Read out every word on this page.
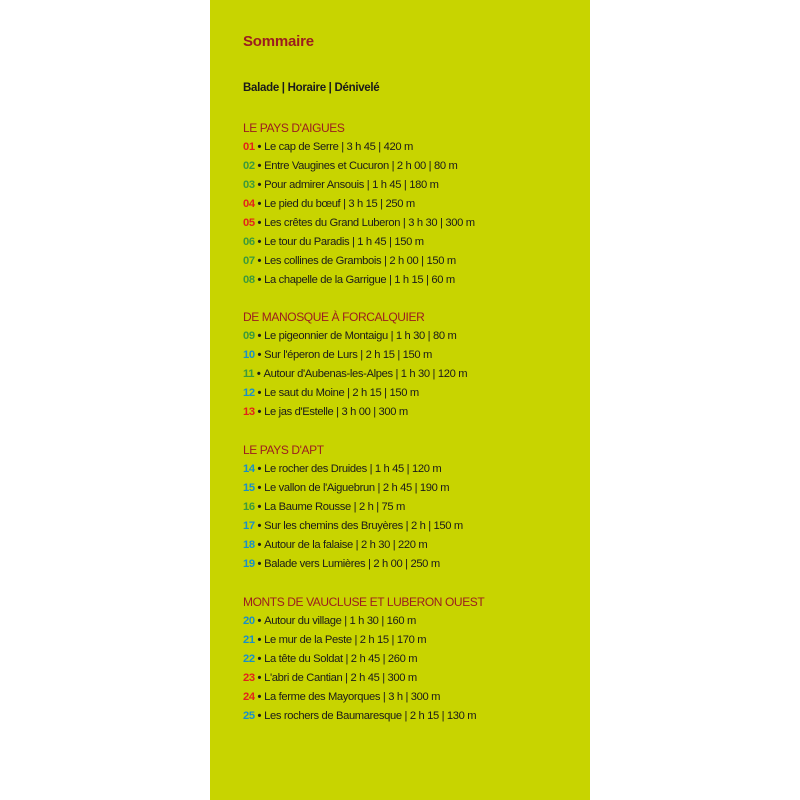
Sommaire
Balade | Horaire | Dénivelé
LE PAYS D'AIGUES
01 • Le cap de Serre | 3 h 45 | 420 m
02 • Entre Vaugines et Cucuron | 2 h 00 | 80 m
03 • Pour admirer Ansouis | 1 h 45 | 180 m
04 • Le pied du bœuf | 3 h 15 | 250 m
05 • Les crêtes du Grand Luberon | 3 h 30 | 300 m
06 • Le tour du Paradis | 1 h 45 | 150 m
07 • Les collines de Grambois | 2 h 00 | 150 m
08 • La chapelle de la Garrigue | 1 h 15 | 60 m
DE MANOSQUE À FORCALQUIER
09 • Le pigeonnier de Montaigu | 1 h 30 | 80 m
10 • Sur l'éperon de Lurs | 2 h 15 | 150 m
11 • Autour d'Aubenas-les-Alpes | 1 h 30 | 120 m
12 • Le saut du Moine | 2 h 15 | 150 m
13 • Le jas d'Estelle | 3 h 00 | 300 m
LE PAYS D'APT
14 • Le rocher des Druides | 1 h 45 | 120 m
15 • Le vallon de l'Aiguebrun | 2 h 45 | 190 m
16 • La Baume Rousse | 2 h | 75 m
17 • Sur les chemins des Bruyères | 2 h | 150 m
18 • Autour de la falaise | 2 h 30 | 220 m
19 • Balade vers Lumières | 2 h 00 | 250 m
MONTS DE VAUCLUSE ET LUBERON OUEST
20 • Autour du village | 1 h 30 | 160 m
21 • Le mur de la Peste | 2 h 15 | 170 m
22 • La tête du Soldat | 2 h 45 | 260 m
23 • L'abri de Cantian | 2 h 45 | 300 m
24 • La ferme des Mayorques | 3 h | 300 m
25 • Les rochers de Baumaresque | 2 h 15 | 130 m
